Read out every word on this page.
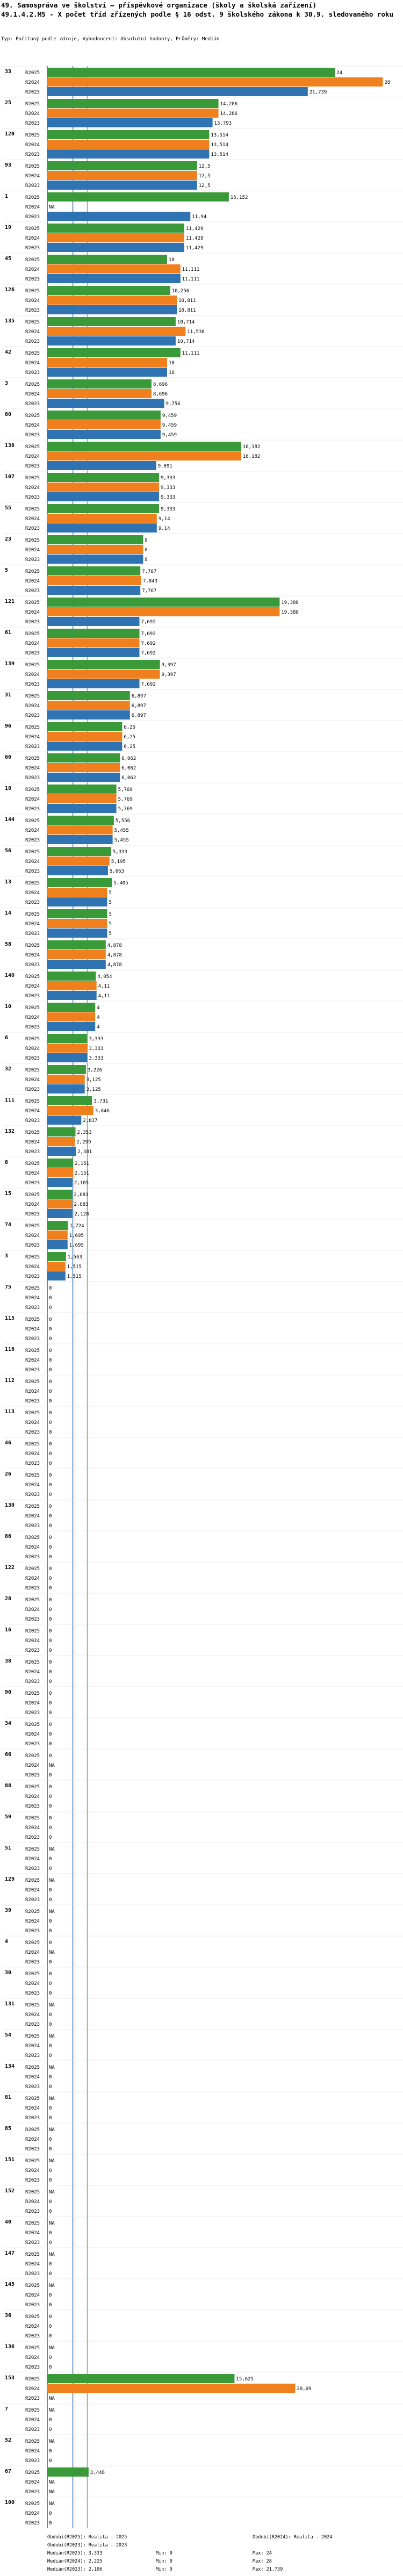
49. Samospráva ve školství – příspěvkové organizace (školy a školská zařízení)
49.1.4.2.M5 - X počet tříd zřízených podle § 16 odst. 9 školského zákona k 30.9. sledovaného roku
Typ: Počitaný podle zdroje, Vyhodnocení: Absolutní hodnoty, Průměry: Medián
33	R2025	24
R2024	28
R2023	21,739
25	R2025	14,286
R2024	14,286
R2023	13,793
120 R2025	13,514
R2024	13,514
R2023	13,514
93	R2025	12,5
R2024	12,5
R2023	12,5
1	R2025	15,152
R2024 NA
R2023	11,94
19	R2025	11,429
R2024	11,429
R2023	11,429
45	R2025	10
R2024	11,111
R2023	11,111
126 R2025	10,256
R2024	10,811
R2023	10,811
135 R2025	10,714
R2024	11,538
R2023	10,714
42	R2025	11,111
R2024	10
R2023	10
3	R2025	8,696
R2024	8,696
R2023	9,756
80	R2025	9,459
R2024	9,459
R2023	9,459
138 R2025	16,182
R2024	16,182
R2023	9,091
107 R2025	9,333
R2024	9,333
R2023	9,333
55	R2025	9,333
R2024	9,14
R2023	9,14
23	R2025	8
R2024	8
R2023	8
5	R2025	7,767
R2024	7,843
R2023	7,767
121 R2025	19,388
R2024	19,388
R2023	7,692
61	R2025	7,692
R2024	7,692
R2023	7,692
139 R2025	9,397
R2024	9,397
R2023	7,692
31	R2025	6,897
R2024	6,897
R2023	6,897
96	R2025	6,25
R2024	6,25
R2023	6,25
60	R2025	6,062
R2024	6,062
R2023	6,062
18	R2025	5,769
R2024	5,769
R2023	5,769
144 R2025	5,556
R2024	5,455
R2023	5,455
56	R2025	5,333
R2024	5,195
R2023	5,063
13	R2025	5,405
R2024	5
R2023	5
14	R2025	5
R2024	5
R2023	5
58	R2025	4,878
R2024	4,878
R2023	4,878
140 R2025	4,054
R2024	4,11
R2023	4,11
10	R2025	4
R2024	4
R2023	4
6	R2025	3,333
R2024	3,333
R2023	3,333
32	R2025	3,226
R2024	3,125
R2023	3,125
111 R2025	3,731
R2024	3,846
R2023	2,837
132 R2025	2,353
R2024	2,299
R2023	2,381
8	R2025	2,151
R2024	2,151
R2023	2,105
15	R2025	2,083
R2024	2,083
R2023	2,128
74	R2025	1,724
R2024	1,695
R2023	1,695
3	R2025	1,563
R2024	1,515
R2023	1,515
75	R2025 0
R2024 0
R2023 0
115 R2025 0
R2024 0
R2023 0
116 R2025 0
R2024 0
R2023 0
112 R2025 0
R2024 0
R2023 0
113 R2025 0
R2024 0
R2023 0
46	R2025 0
R2024 0
R2023 0
26	R2025 0
R2024 0
R2023 0
130 R2025 0
R2024 0
R2023 0
86	R2025 0
R2024 0
R2023 0
122 R2025 0
R2024 0
R2023 0
28	R2025 0
R2024 0
R2023 0
16	R2025 0
R2024 0
R2023 0
38	R2025 0
R2024 0
R2023 0
90	R2025 0
R2024 0
R2023 0
34	R2025 0
R2024 0
R2023 0
66	R2025 0
R2024 NA
R2023 0
88	R2025 0
R2024 0
R2023 0
59	R2025 0
R2024 0
R2023 0
51	R2025 NA
R2024 0
R2023 0
129 R2025 NA
R2024 0
R2023 0
39	R2025 NA
R2024 0
R2023 0
4	R2025 0
R2024 NA
R2023 0
30	R2025 0
R2024 0
R2023 0
131 R2025 NA
R2024 0
R2023 0
54	R2025 NA
R2024 0
R2023 0
134 R2025 NA
R2024 0
R2023 0
81	R2025 NA
R2024 0
R2023 0
85	R2025 NA
R2024 0
R2023 0
151 R2025 NA
R2024 0
R2023 0
152 R2025 NA
R2024 0
R2023 0
40	R2025 NA
R2024 0
R2023 0
147 R2025 NA
R2024 0
R2023 0
145 R2025 NA
R2024 0
R2023 0
36	R2025 0
R2024 0
R2023 0
136 R2025 NA
R2024 0
R2023 0
153 R2025	15,625
R2024	20,69
R2023 NA
7	R2025 NA
R2024 0
R2023 0
52	R2025 NA
R2024 0
R2023 0
67	R2025	3,448
R2024 NA
R2023 NA
100 R2025 NA
R2024 0
R2023 0
Období(R2025): Realita - 2025	Období(R2024): Realita - 2024
Období(R2023): Realita - 2023
Medián(R2025): 3,333	Min: 0	Max: 24
Medián(R2024): 2,225	Min: 0	Max: 28
Medián(R2023): 2,106	Min: 0	Max: 21,739
